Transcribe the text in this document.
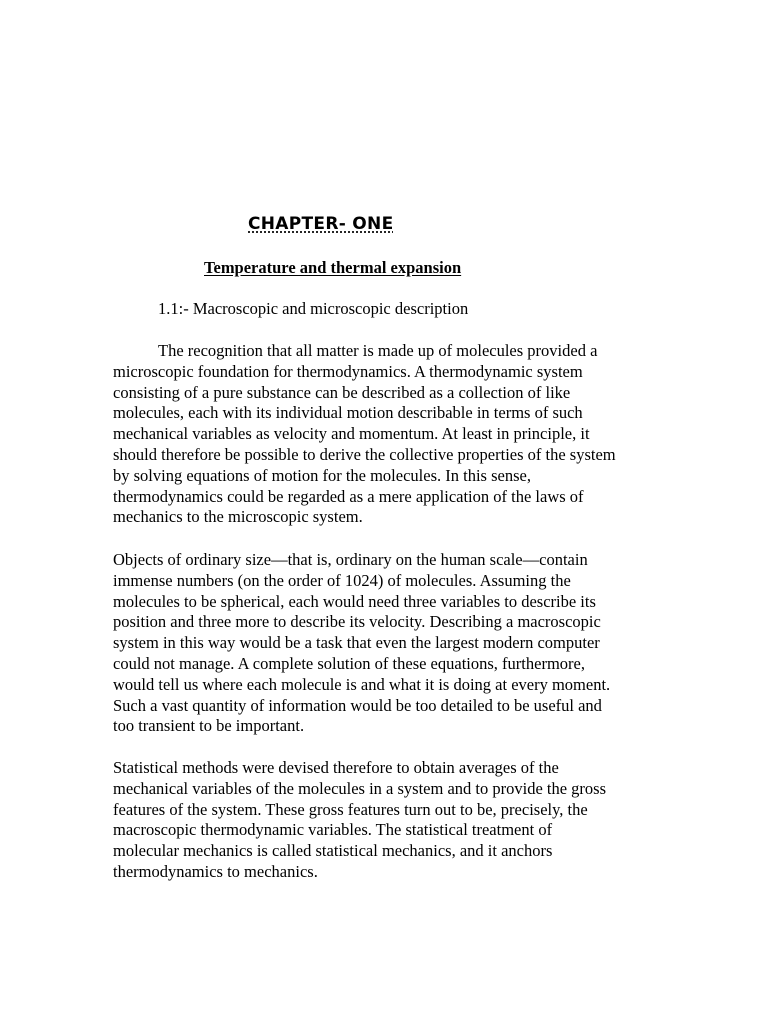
CHAPTER- ONE
Temperature and thermal expansion
1.1:- Macroscopic and microscopic description

The recognition that all matter is made up of molecules provided a
microscopic foundation for thermodynamics. A thermodynamic system
consisting of a pure substance can be described as a collection of like
molecules, each with its individual motion describable in terms of such
mechanical variables as velocity and momentum. At least in principle, it
should therefore be possible to derive the collective properties of the system
by solving equations of motion for the molecules. In this sense,
thermodynamics could be regarded as a mere application of the laws of
mechanics to the microscopic system.

Objects of ordinary size—that is, ordinary on the human scale—contain
immense numbers (on the order of 1024) of molecules. Assuming the
molecules to be spherical, each would need three variables to describe its
position and three more to describe its velocity. Describing a macroscopic
system in this way would be a task that even the largest modern computer
could not manage. A complete solution of these equations, furthermore,
would tell us where each molecule is and what it is doing at every moment.
Such a vast quantity of information would be too detailed to be useful and
too transient to be important.

Statistical methods were devised therefore to obtain averages of the
mechanical variables of the molecules in a system and to provide the gross
features of the system. These gross features turn out to be, precisely, the
macroscopic thermodynamic variables. The statistical treatment of
molecular mechanics is called statistical mechanics, and it anchors
thermodynamics to mechanics.
